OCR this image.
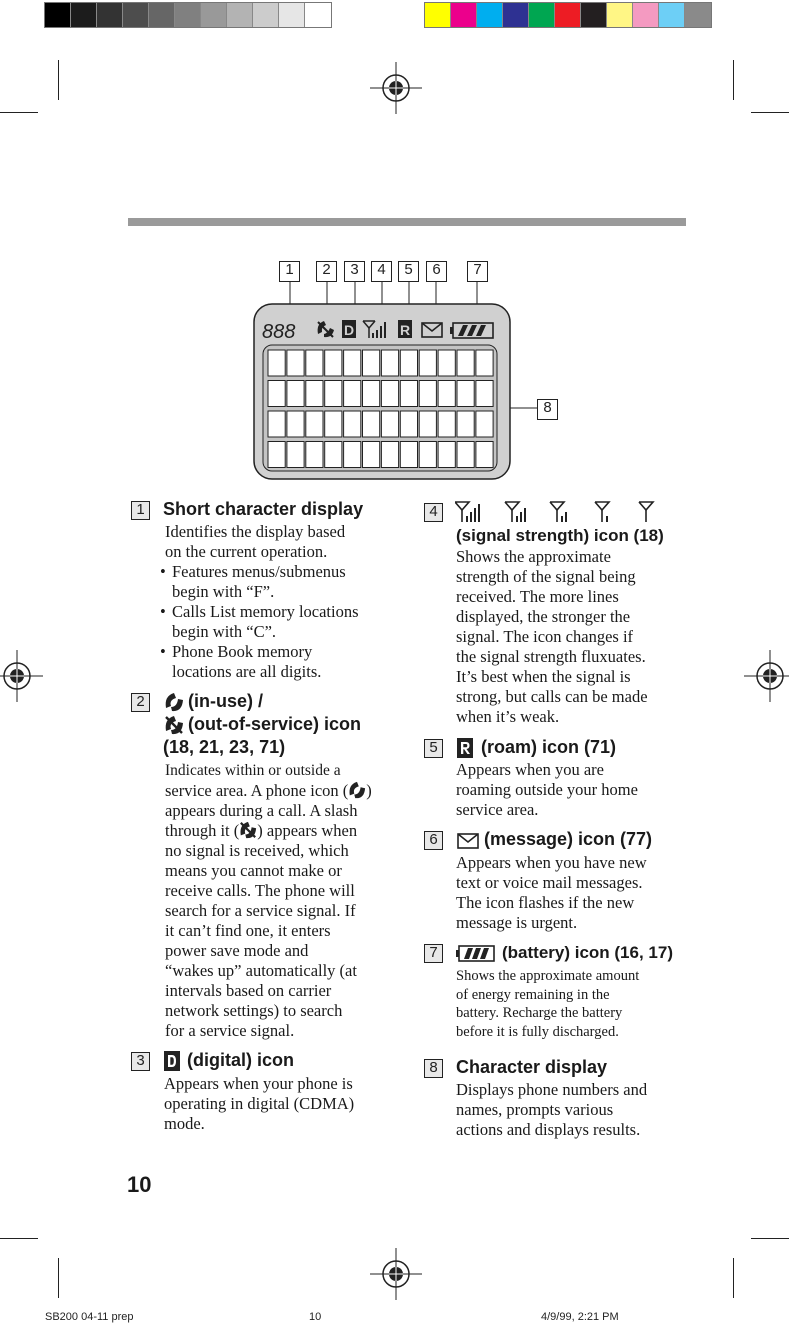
1	2	3	4	5	6	7
8
888	D	R
1 Short character display
Identifies the display based
on the current operation.
• Features menus/submenus
begin with “F”.
• Calls List memory locations
begin with “C”.
• Phone Book memory
locations are all digits.
2 (in-use) /
(out-of-service) icon
(18, 21, 23, 71)
Indicates within or outside a
service area. A phone icon ( )
appears during a call. A slash
through it ( ) appears when
no signal is received, which
means you cannot make or
receive calls. The phone will
search for a service signal. If
it can’t find one, it enters
power save mode and
“wakes up” automatically (at
intervals based on carrier
network settings) to search
for a service signal.
3 (digital) icon
Appears when your phone is
operating in digital (CDMA)
mode.
4
(signal strength) icon (18)
Shows the approximate
strength of the signal being
received. The more lines
displayed, the stronger the
signal. The icon changes if
the signal strength fluxuates.
It’s best when the signal is
strong, but calls can be made
when it’s weak.
5 (roam) icon (71)
Appears when you are
roaming outside your home
service area.
6	(message) icon (77)
Appears when you have new
text or voice mail messages.
The icon flashes if the new
message is urgent.
7	(battery) icon (16, 17)
Shows the approximate amount
of energy remaining in the
battery. Recharge the battery
before it is fully discharged.
8 Character display
Displays phone numbers and
names, prompts various
actions and displays results.
10
SB200 04-11 prep	10	4/9/99, 2:21 PM
